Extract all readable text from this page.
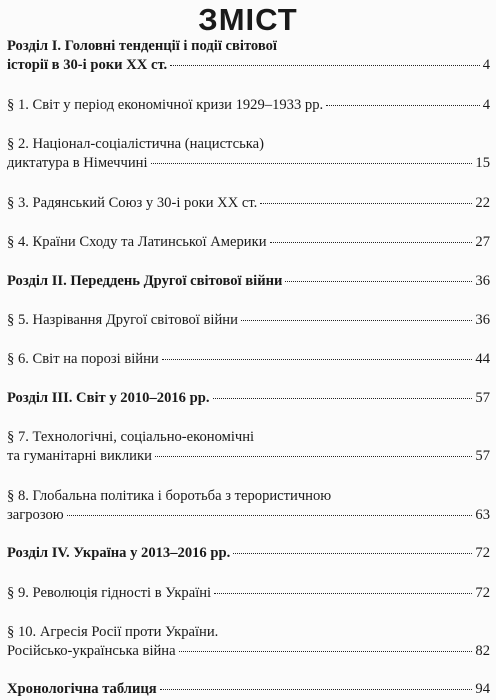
ЗМІСТ
Розділ І. Головні тенденції і події світової
історії в 30-і роки ХХ ст.	4
§ 1. Світ у період економічної кризи 1929–1933 рр.	4
§ 2. Націонал-соціалістична (нацистська)
диктатура в Німеччині	15
§ 3. Радянський Союз у 30-і роки ХХ ст.	22
§ 4. Країни Сходу та Латинської Америки	27
Розділ ІІ. Переддень Другої світової війни	36
§ 5. Назрівання Другої світової війни	36
§ 6. Світ на порозі війни	44
Розділ ІІІ. Світ у 2010–2016 рр.	57
§ 7. Технологічні, соціально-економічні
та гуманітарні виклики	57
§ 8. Глобальна політика і боротьба з терористичною
загрозою	63
Розділ IV. Україна у 2013–2016 рр.	72
§ 9. Революція гідності в Україні	72
§ 10. Агресія Росії проти України.
Російсько-українська війна	82
Хронологічна таблиця	94
